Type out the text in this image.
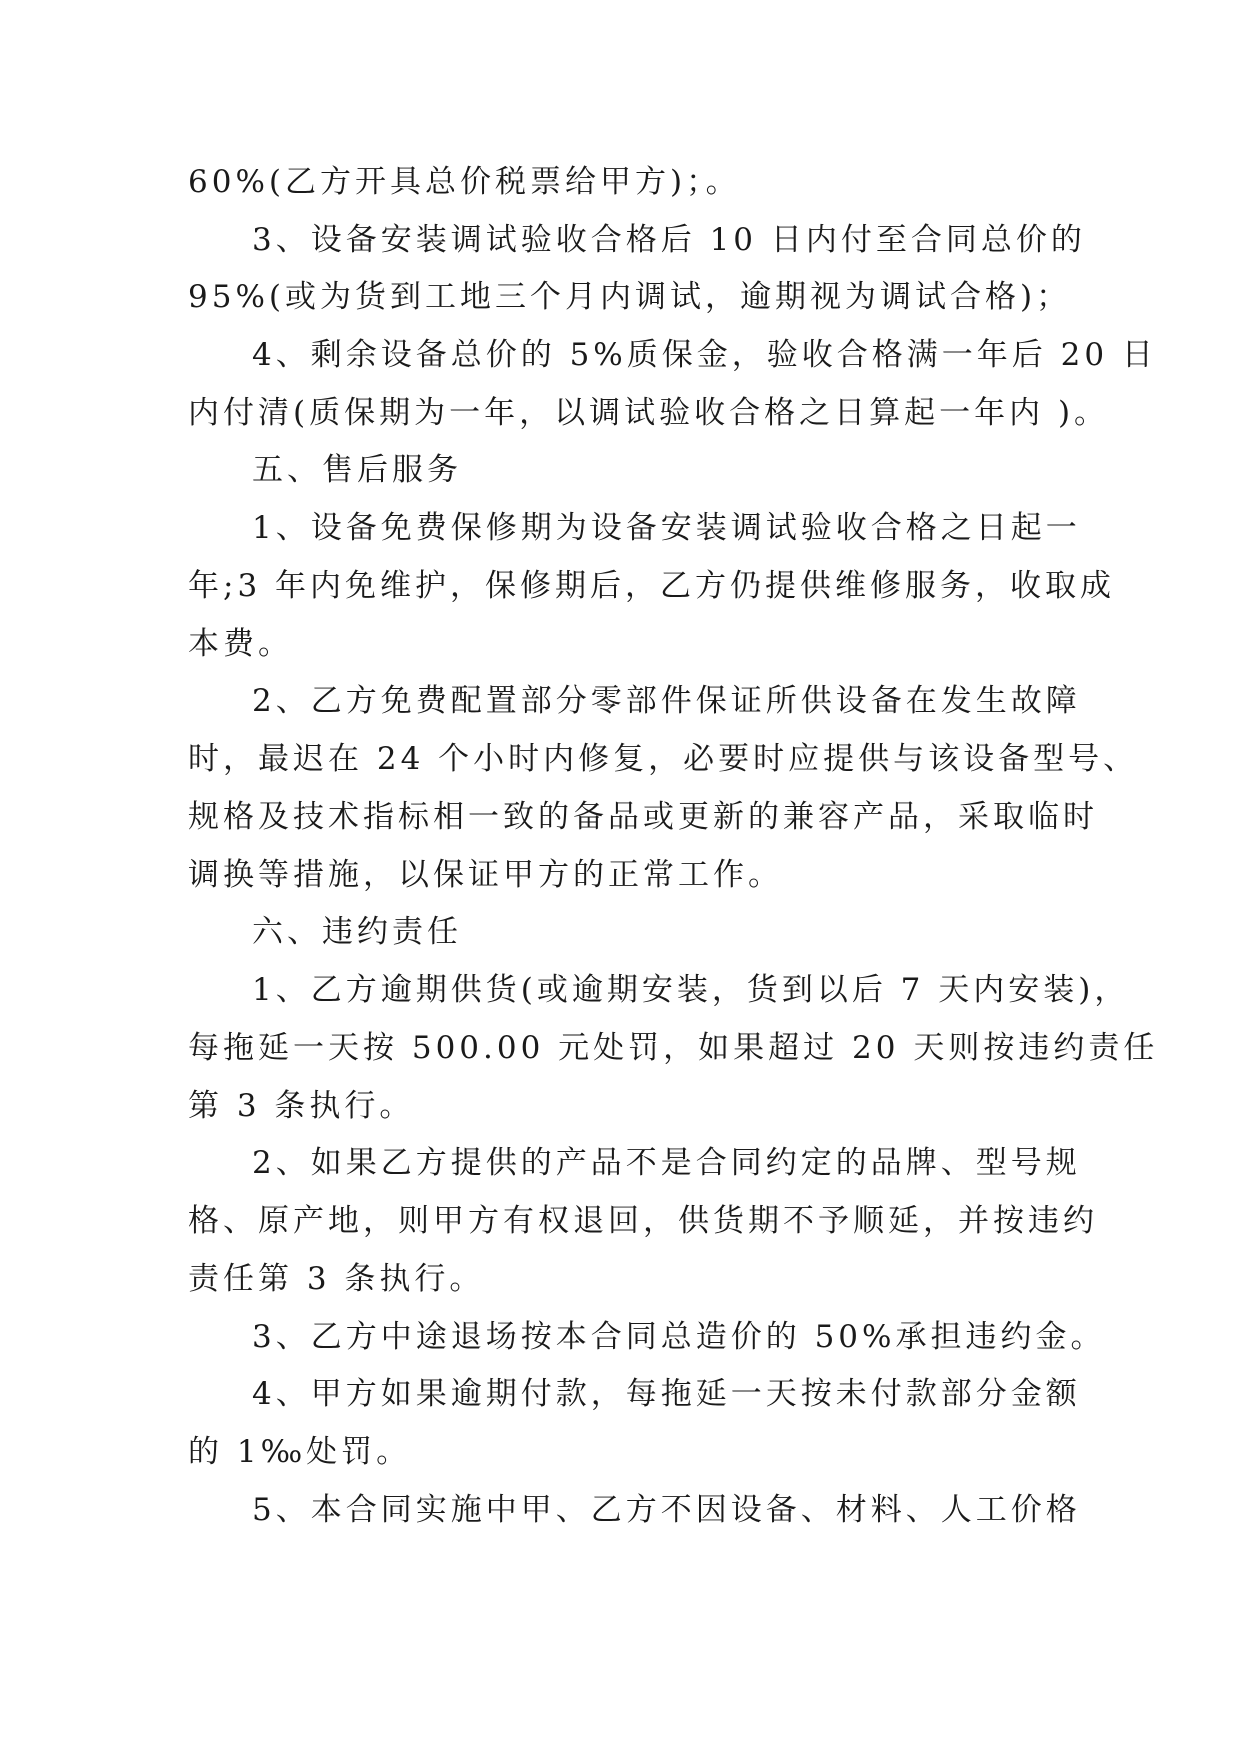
60%(乙方开具总价税票给甲方)；。
3、设备安装调试验收合格后 10 日内付至合同总价的
95%(或为货到工地三个月内调试，逾期视为调试合格)；
4、剩余设备总价的 5%质保金，验收合格满一年后 20 日
内付清(质保期为一年，以调试验收合格之日算起一年内 )。
五、售后服务
1、设备免费保修期为设备安装调试验收合格之日起一
年;3 年内免维护，保修期后，乙方仍提供维修服务，收取成
本费。
2、乙方免费配置部分零部件保证所供设备在发生故障
时，最迟在 24 个小时内修复，必要时应提供与该设备型号、
规格及技术指标相一致的备品或更新的兼容产品，采取临时
调换等措施，以保证甲方的正常工作。
六、违约责任
1、乙方逾期供货(或逾期安装，货到以后 7 天内安装)，
每拖延一天按 500.00 元处罚，如果超过 20 天则按违约责任
第 3 条执行。
2、如果乙方提供的产品不是合同约定的品牌、型号规
格、原产地，则甲方有权退回，供货期不予顺延，并按违约
责任第 3 条执行。
3、乙方中途退场按本合同总造价的 50%承担违约金。
4、甲方如果逾期付款，每拖延一天按未付款部分金额
的 1‰处罚。
5、本合同实施中甲、乙方不因设备、材料、人工价格
